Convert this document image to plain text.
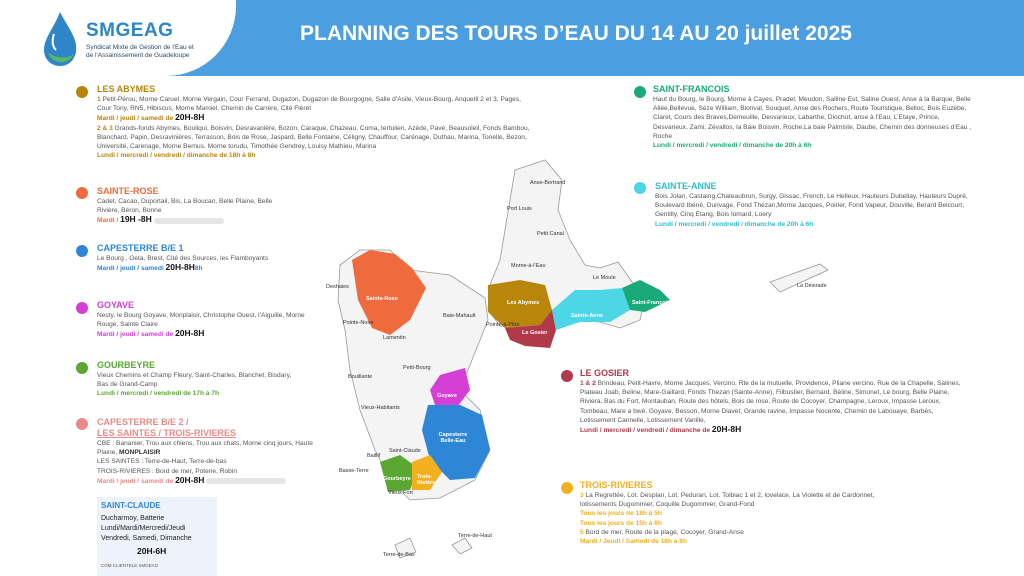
SMGEAG
Syndicat Mixte de Gestion de l'Eau et de l'Assainissement de Guadeloupe
PLANNING DES TOURS D’EAU DU 14 AU 20 juillet 2025
LES ABYMES
1 Petit-Pérou, Morne Caruel, Morne Vergain, Cour Ferrand, Dugazon, Dugazon de Bourgogne, Salle d’Asile, Vieux-Bourg, Anquetil 2 et 3, Pages, Cour Tony, RN5, Hibiscus, Morne Mamiel, Chemin de Carrère, Cité Fléret
Mardi / jeudi / samedi de 20H-8H
2 & 3 Grands-fonds Abymes, Bouliqui, Boisvin, Desravanière, Bozon, Caraque, Chazeau, Coma, tertulien, Azède, Pavé, Beausoleil, Fonds Bambou, Blanchard, Papin, Desravinières, Terrasson, Bois de Rose, Jaspard, Belle Fontaine, Céligny, Chauffour, Carénage, Duthau, Marina, Tonelle, Bezon, Université, Carenage, Morne Bernus, Morne torudu, Timothée Gendrey, Louisy Mathieu, Marina
Lundi / mercredi / vendredi / dimanche de 18h à 8h
SAINTE-ROSE
Cadet, Cacao, Duportail, Bis, La Boucan, Belle Plaine, Belle Rivière, Béron, Bonne
Mardi / 19H -8H
CAPESTERRE B/E 1
Le Bourg , Geta, Brest, Cité des Sources, les Flamboyants
Mardi / jeudi / samedi 20H-8H8h
GOYAVE
Nesty, le Bourg Goyave, Monplaisir, Christophe Ouest, l’Aiguille, Morne Rouge, Sainte Claire
Mardi / jeudi / samedi de 20H-8H
GOURBEYRE
Vieux Chemins et Champ Fleury, Saint-Charles, Blanchet, Bisdary, Bas de Grand-Camp
Lundi / mercredi / vendredi de 17h à 7h
CAPESTERRE B/E 2 /
LES SAINTES / TROIS-RIVIERES
CBE : Bananier, Trou aux chiens, Trou aux chats, Morne cinq jours, Haute Plaine, MONPLAISIR
LES SAINTES : Terre-de-Haut, Terre-de-bas
TROIS-RIVIERES : Bord de mer, Poterie, Robin
Mardi / jeudi / samedi de 20H-8H
SAINT-CLAUDE
Ducharmoy, Batterie
Lundi/Mardi/Mercredi/Jeudi
Vendredi, Samedi, Dimanche
20H-6H
COM CLIENTELE SMGEAG
SAINT-FRANCOIS
Haut du Bourg, le Bourg, Morne à Cayes, Pradel, Meudon, Salline Est, Saline Ouest, Anse à la Barque, Belle Allée,Bellevue, Séze William, Blonval, Souquet, Anse des Rochers, Route Touristique, Belloc, Bois Euzèbe, Claret, Cours des Braves,Demeuille, Desvarieux, Labarthe, Diochot, anse à l’Eau, L’Etaye, Prince, Desvarieux, Zami, Zévallos, la Baie Boisvin, Roche,La baie Palmiste, Daube, Chemin des donneuses d’Eau , Roche
Lundi / mercredi / vendredi / dimanche de 20h à 6h
SAINTE-ANNE
Bois Jolan, Castaing,Chateaubrun, Surgy, Gissac, French, Le Helleux, Hauteurs Dubellay, Hauteurs Dupré, Boulevard Ibéné, Durivage, Fond Thézan,Morne Jacques, Poirier, Fond Vapeur, Douville, Berard Belcourt, Gentilly, Cinq Etang, Bois lomard, Loery
Lundi / mercredi / vendredi / dimanche de 20h à 6h
LE GOSIER
1 & 2 Brindeau, Petit-Havre, Morne Jacques, Vercino, Rte de la mutuelle, Providence, Pliane vercino, Rue de la Chapelle, Salines, Plateau Joab, Beline, Mare-Gaillard, Fonds Thezan (Sainte-Anne), Filbustier, Bernard, Béline, Simonet, Le bourg, Belle Plaine, Riviera, Bas du Fort, Montauban, Route des hôtels, Bois de rose, Route de Cocoyer, Champagne, Leroux, Impasse Leroux, Tombeau, Mare a bwè, Goyave, Besson, Morne Diavet, Grande ravine, Impasse Nocente, Chemin de Labouaye, Barbès, Lotissement Cannelle, Lotissement Vanille,
Lundi / mercredi / vendredi / dimanche de 20H-8H
TROIS-RIVIERES
3 La Regrettée, Lot. Desplan, Lot. Peduran, Lot. Tolbiac 1 et 2, lovelace, La Violette et de Cardonnet, lotissements Dugommier, Coquille Dugommier, Grand-Fond
Tous les jours de 18h à 5h
Tous les jours de 15h à 6h
5 Bord de mer, Route de la plage, Cocoyer, Grand-Anse
Mardi / Jeudi / Samedi de 18h à 8h
Anse-Bertrand
Port Louis
Petit Canal
Morne-à-l’Eau
Le Moule
La Désirade
Deshaies
Baie-Mahault
Pointe-Noire
Lamentin
Pointe-à-Pitre
Petit-Bourg
Bouillante
Vieux-Habitants
Saint-Claude
Baillif
Basse-Terre
Vieux Fort
Terre-de-Haut
Terre-de-Bas
Sainte-Rose
Les Abymes
Le Gosier
Sainte-Anne
Saint-François
Goyave
Capesterre Belle-Eau
Gourbeyre Trois-Rivières
